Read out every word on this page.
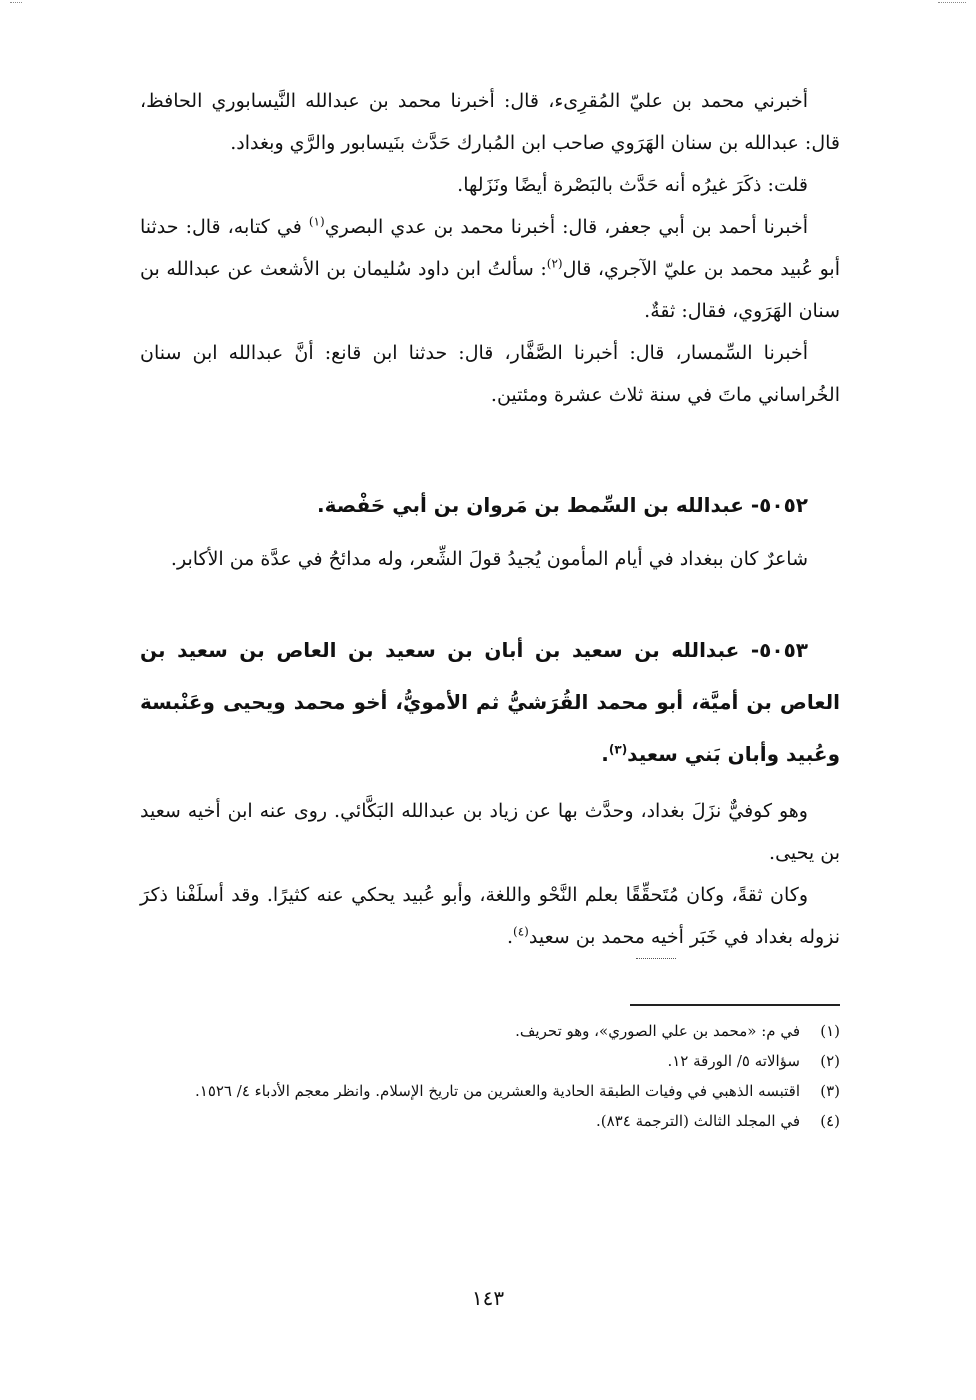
أخبرني محمد بن عليّ المُقرِىء، قال: أخبرنا محمد بن عبدالله النَّيسابوري الحافظ، قال: عبدالله بن سنان الهَرَوي صاحب ابن المُبارك حَدَّث بنَيسابور والرَّي وبغداد.

قلت: ذكَرَ غيرُه أنه حَدَّث بالبَصْرة أيضًا ونَزَلها.

أخبرنا أحمد بن أبي جعفر، قال: أخبرنا محمد بن عدي البصري$^{(١)}$ في كتابه، قال: حدثنا أبو عُبيد محمد بن عليّ الآجري، قال$^{(٢)}$: سألتُ ابن داود سُليمان بن الأشعث عن عبدالله بن سنان الهَرَوي، فقال: ثقةٌ.

أخبرنا السِّمسار، قال: أخبرنا الصَّفَّار، قال: حدثنا ابن قانع: أنَّ عبدالله ابن سنان الخُراساني ماتَ في سنة ثلاث عشرة ومئتين.

٥٠٥٢- عبدالله بن السِّمط بن مَروان بن أبي حَفْصة.

شاعرٌ كان ببغداد في أيام المأمون يُجيدُ قولَ الشِّعر، وله مدائحُ في عدَّة من الأكابر.

٥٠٥٣- عبدالله بن سعيد بن أبان بن سعيد بن العاص بن سعيد بن العاص بن أميَّة، أبو محمد القُرَشيُّ ثم الأمويُّ، أخو محمد ويحيى وعَنْبسة وعُبيد وأبان بَني سعيد$^{(٣)}$.

وهو كوفيٌّ نزَلَ بغداد، وحدَّث بها عن زياد بن عبدالله البَكَّائي. روى عنه ابن أخيه سعيد بن يحيى.

وكان ثقةً، وكان مُتَحقِّقًا بعلم النَّحْو واللغة، وأبو عُبيد يحكي عنه كثيرًا. وقد أسلَفْنا ذكرَ نزوله بغداد في خَبَر أخيه محمد بن سعيد$^{(٤)}$.

(١)
في م: «محمد بن علي الصوري»، وهو تحريف.
(٢)
سؤالاته ٥/ الورقة ١٢.
(٣)
اقتبسه الذهبي في وفيات الطبقة الحادية والعشرين من تاريخ الإسلام. وانظر معجم الأدباء ٤/ ١٥٢٦.
(٤)
في المجلد الثالث (الترجمة ٨٣٤).
١٤٣
